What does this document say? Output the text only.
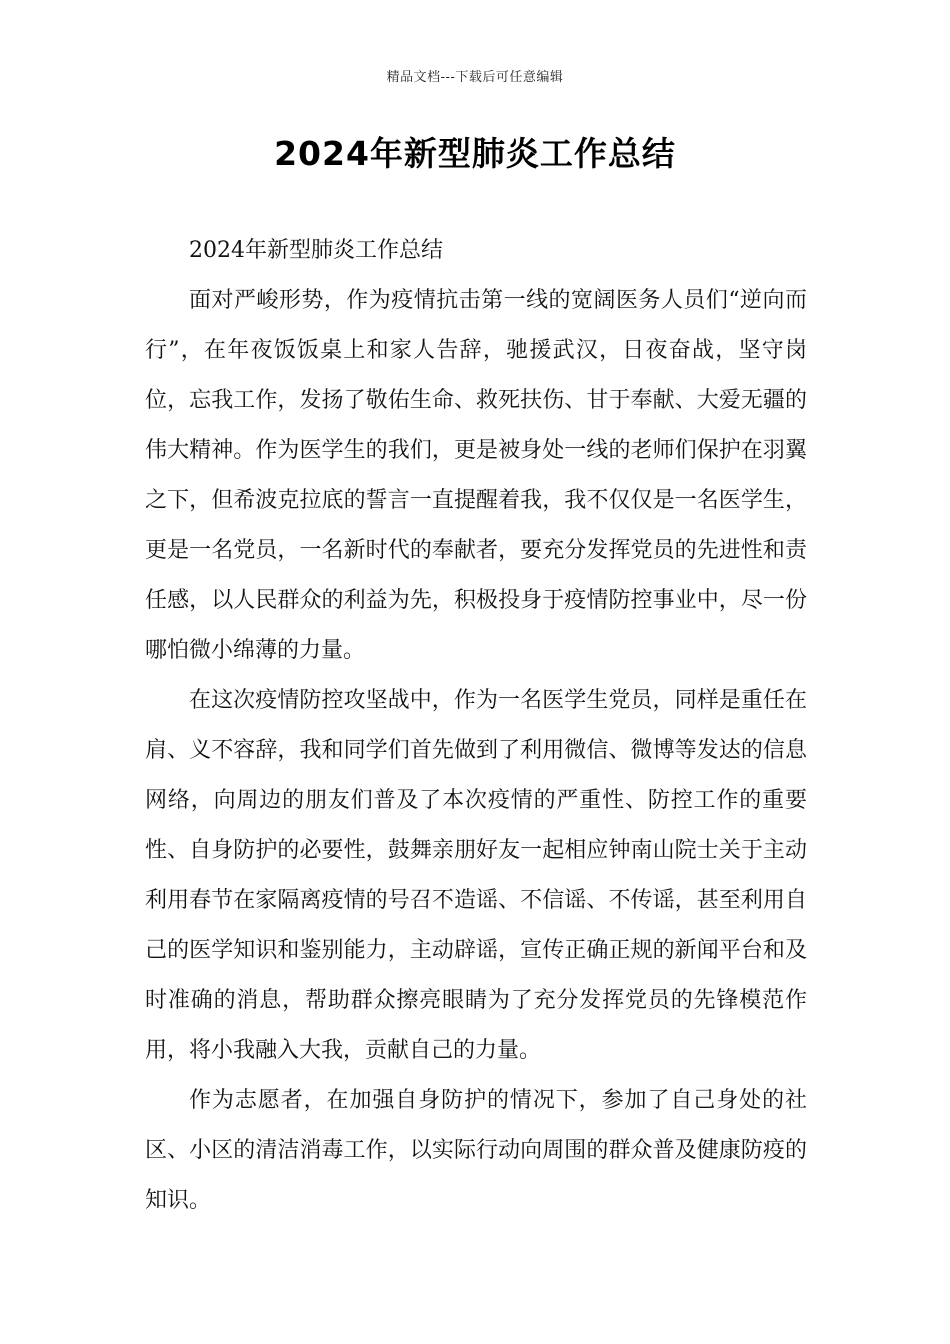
精品文档---下载后可任意编辑
2024年新型肺炎工作总结

2024年新型肺炎工作总结

面对严峻形势，作为疫情抗击第一线的宽阔医务人员们“逆向而行”，在年夜饭饭桌上和家人告辞，驰援武汉，日夜奋战，坚守岗位，忘我工作，发扬了敬佑生命、救死扶伤、甘于奉献、大爱无疆的伟大精神。作为医学生的我们，更是被身处一线的老师们保护在羽翼之下，但希波克拉底的誓言一直提醒着我，我不仅仅是一名医学生，更是一名党员，一名新时代的奉献者，要充分发挥党员的先进性和责任感，以人民群众的利益为先，积极投身于疫情防控事业中，尽一份哪怕微小绵薄的力量。

在这次疫情防控攻坚战中，作为一名医学生党员，同样是重任在肩、义不容辞，我和同学们首先做到了利用微信、微博等发达的信息网络，向周边的朋友们普及了本次疫情的严重性、防控工作的重要性、自身防护的必要性，鼓舞亲朋好友一起相应钟南山院士关于主动利用春节在家隔离疫情的号召不造谣、不信谣、不传谣，甚至利用自己的医学知识和鉴别能力，主动辟谣，宣传正确正规的新闻平台和及时准确的消息，帮助群众擦亮眼睛为了充分发挥党员的先锋模范作用，将小我融入大我，贡献自己的力量。

作为志愿者，在加强自身防护的情况下，参加了自己身处的社区、小区的清洁消毒工作，以实际行动向周围的群众普及健康防疫的知识。
